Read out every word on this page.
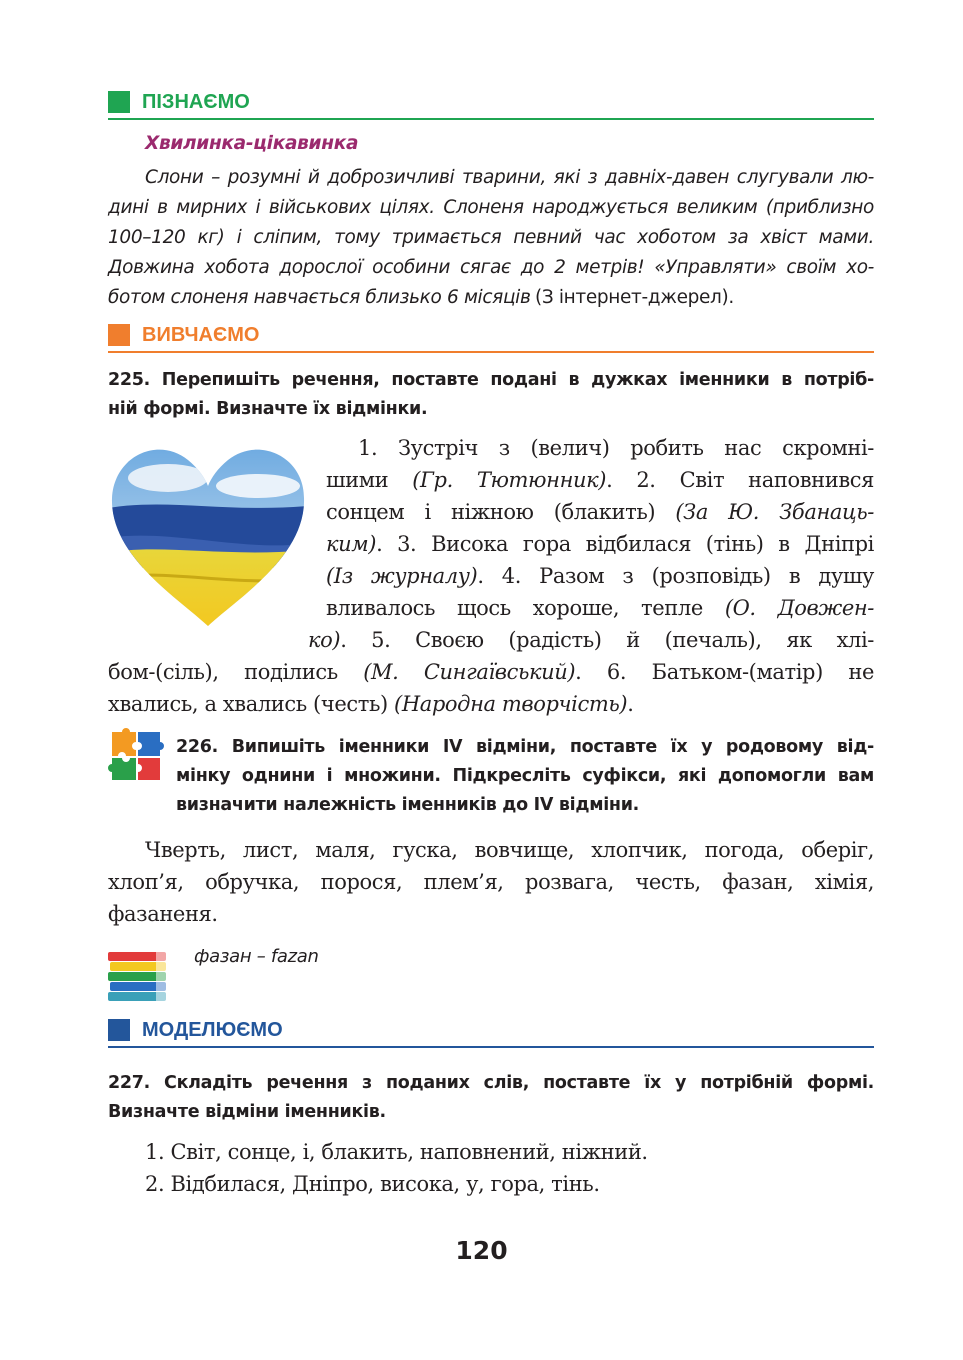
ПІЗНАЄМО
Хвилинка-цікавинка
Слони – розумні й доброзичливі тварини, які з давніх-давен слугували лю-
дині в мирних і військових цілях. Слоненя народжується великим (приблизно
100–120 кг) і сліпим, тому тримається певний час хоботом за хвіст мами.
Довжина хобота дорослої особини сягає до 2 метрів! «Управляти» своїм хо-
ботом слоненя навчається близько 6 місяців (З інтернет-джерел).
ВИВЧАЄМО
225. Перепишіть речення, поставте подані в дужках іменники в потріб-
ній формі. Визначте їх відмінки.
1. Зустріч з (велич) робить нас скромні-
шими (Гр. Тютюнник). 2. Світ наповнився
сонцем і ніжною (блакить) (За Ю. Збанаць-
ким). 3. Висока гора відбилася (тінь) в Дніпрі
(Із журналу). 4. Разом з (розповідь) в душу
вливалось щось хороше, тепле (О. Довжен-
ко). 5. Своєю (радість) й (печаль), як хлі-
бом-(сіль), поділись (М. Сингаївський). 6. Батьком-(матір) не
хвались, а хвались (честь) (Народна творчість).
226. Випишіть іменники IV відміни, поставте їх у родовому від-
мінку однини і множини. Підкресліть суфікси, які допомогли вам
визначити належність іменників до IV відміни.
Чверть, лист, маля, гуска, вовчище, хлопчик, погода, оберіг,
хлоп’я, обручка, порося, плем’я, розвага, честь, фазан, хімія,
фазаненя.
фазан – fazan
МОДЕЛЮЄМО
227. Складіть речення з поданих слів, поставте їх у потрібній формі.
Визначте відміни іменників.
1. Світ, сонце, і, блакить, наповнений, ніжний.
2. Відбилася, Дніпро, висока, у, гора, тінь.
120
